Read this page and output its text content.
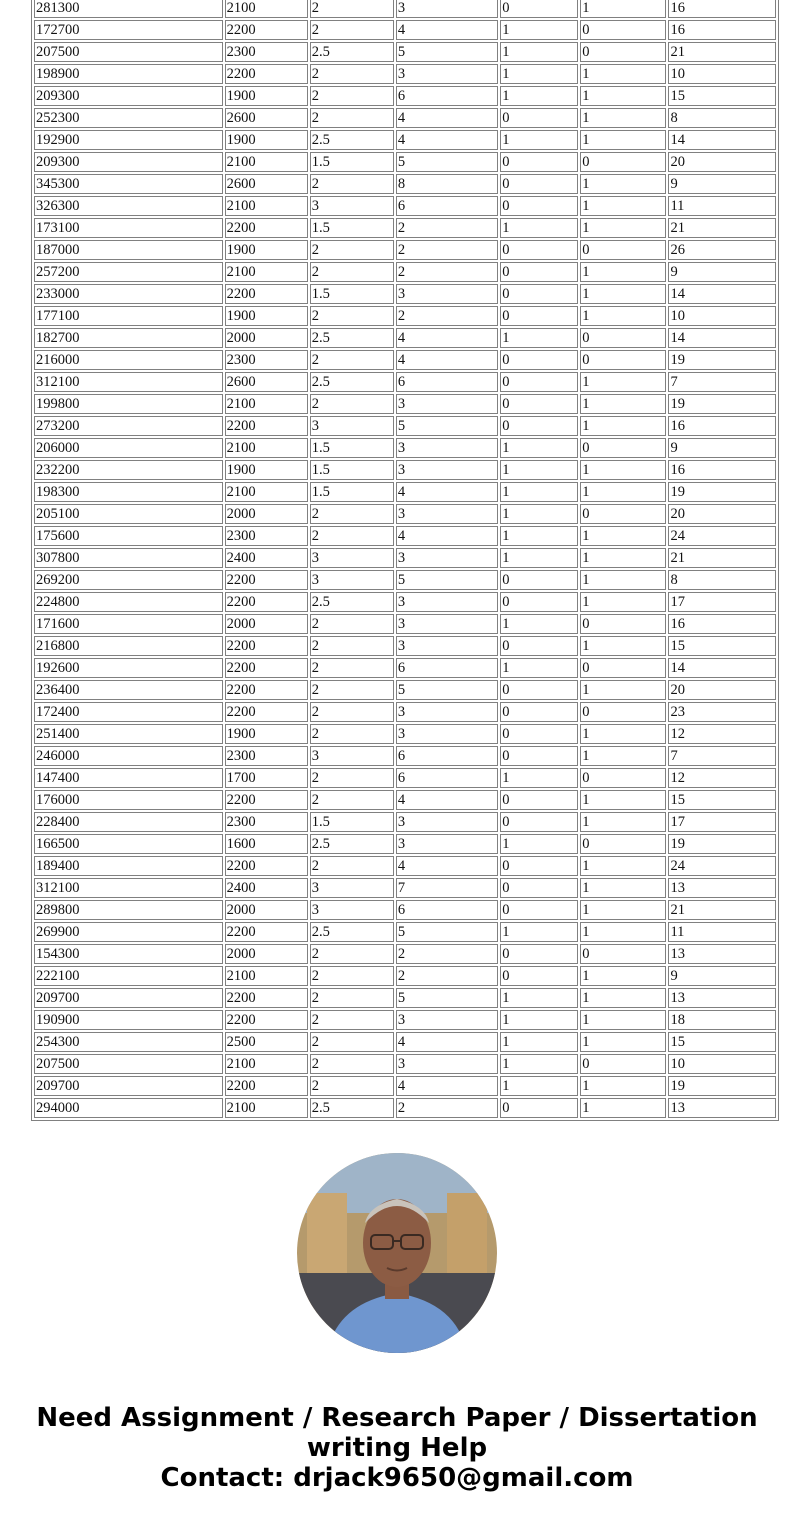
281300	2100	2	3	0	1	16
172700	2200	2	4	1	0	16
207500	2300	2.5	5	1	0	21
198900	2200	2	3	1	1	10
209300	1900	2	6	1	1	15
252300	2600	2	4	0	1	8
192900	1900	2.5	4	1	1	14
209300	2100	1.5	5	0	0	20
345300	2600	2	8	0	1	9
326300	2100	3	6	0	1	11
173100	2200	1.5	2	1	1	21
187000	1900	2	2	0	0	26
257200	2100	2	2	0	1	9
233000	2200	1.5	3	0	1	14
177100	1900	2	2	0	1	10
182700	2000	2.5	4	1	0	14
216000	2300	2	4	0	0	19
312100	2600	2.5	6	0	1	7
199800	2100	2	3	0	1	19
273200	2200	3	5	0	1	16
206000	2100	1.5	3	1	0	9
232200	1900	1.5	3	1	1	16
198300	2100	1.5	4	1	1	19
205100	2000	2	3	1	0	20
175600	2300	2	4	1	1	24
307800	2400	3	3	1	1	21
269200	2200	3	5	0	1	8
224800	2200	2.5	3	0	1	17
171600	2000	2	3	1	0	16
216800	2200	2	3	0	1	15
192600	2200	2	6	1	0	14
236400	2200	2	5	0	1	20
172400	2200	2	3	0	0	23
251400	1900	2	3	0	1	12
246000	2300	3	6	0	1	7
147400	1700	2	6	1	0	12
176000	2200	2	4	0	1	15
228400	2300	1.5	3	0	1	17
166500	1600	2.5	3	1	0	19
189400	2200	2	4	0	1	24
312100	2400	3	7	0	1	13
289800	2000	3	6	0	1	21
269900	2200	2.5	5	1	1	11
154300	2000	2	2	0	0	13
222100	2100	2	2	0	1	9
209700	2200	2	5	1	1	13
190900	2200	2	3	1	1	18
254300	2500	2	4	1	1	15
207500	2100	2	3	1	0	10
209700	2200	2	4	1	1	19
294000	2100	2.5	2	0	1	13
Need Assignment / Research Paper / Dissertation
writing Help
Contact: drjack9650@gmail.com
